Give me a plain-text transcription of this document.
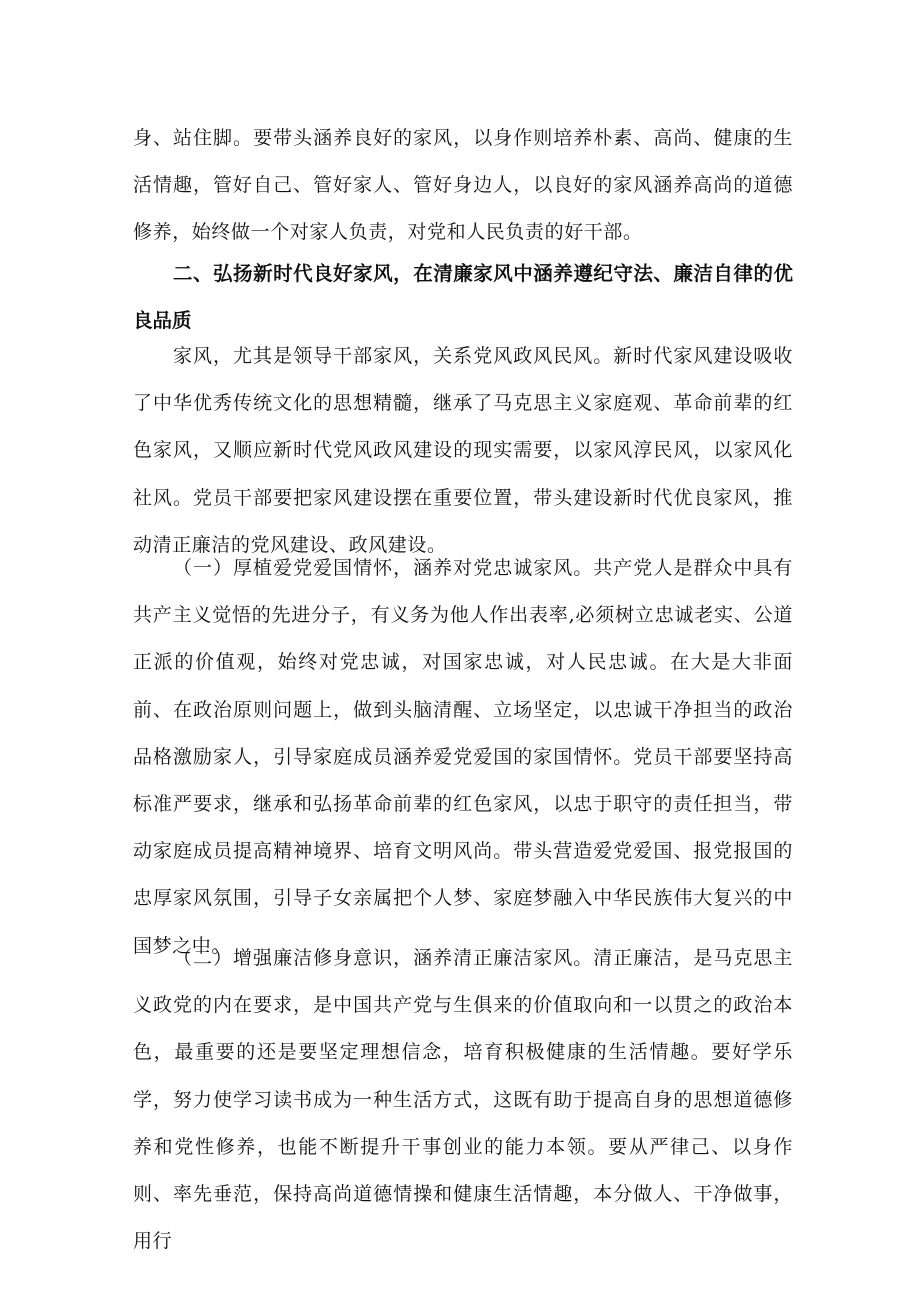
身、站住脚。要带头涵养良好的家风，以身作则培养朴素、高尚、健康的生活情趣，管好自己、管好家人、管好身边人，以良好的家风涵养高尚的道德修养，始终做一个对家人负责，对党和人民负责的好干部。

二、弘扬新时代良好家风，在清廉家风中涵养遵纪守法、廉洁自律的优良品质

家风，尤其是领导干部家风，关系党风政风民风。新时代家风建设吸收了中华优秀传统文化的思想精髓，继承了马克思主义家庭观、革命前辈的红色家风，又顺应新时代党风政风建设的现实需要，以家风淳民风，以家风化社风。党员干部要把家风建设摆在重要位置，带头建设新时代优良家风，推动清正廉洁的党风建设、政风建设。

（一）厚植爱党爱国情怀，涵养对党忠诚家风。共产党人是群众中具有共产主义觉悟的先进分子，有义务为他人作出表率,必须树立忠诚老实、公道正派的价值观，始终对党忠诚，对国家忠诚，对人民忠诚。在大是大非面前、在政治原则问题上，做到头脑清醒、立场坚定，以忠诚干净担当的政治品格激励家人，引导家庭成员涵养爱党爱国的家国情怀。党员干部要坚持高标准严要求，继承和弘扬革命前辈的红色家风，以忠于职守的责任担当，带动家庭成员提高精神境界、培育文明风尚。带头营造爱党爱国、报党报国的忠厚家风氛围，引导子女亲属把个人梦、家庭梦融入中华民族伟大复兴的中国梦之中。

（二）增强廉洁修身意识，涵养清正廉洁家风。清正廉洁，是马克思主义政党的内在要求，是中国共产党与生俱来的价值取向和一以贯之的政治本色，最重要的还是要坚定理想信念，培育积极健康的生活情趣。要好学乐学，努力使学习读书成为一种生活方式，这既有助于提高自身的思想道德修养和党性修养，也能不断提升干事创业的能力本领。要从严律己、以身作则、率先垂范，保持高尚道德情操和健康生活情趣，本分做人、干净做事，用行
